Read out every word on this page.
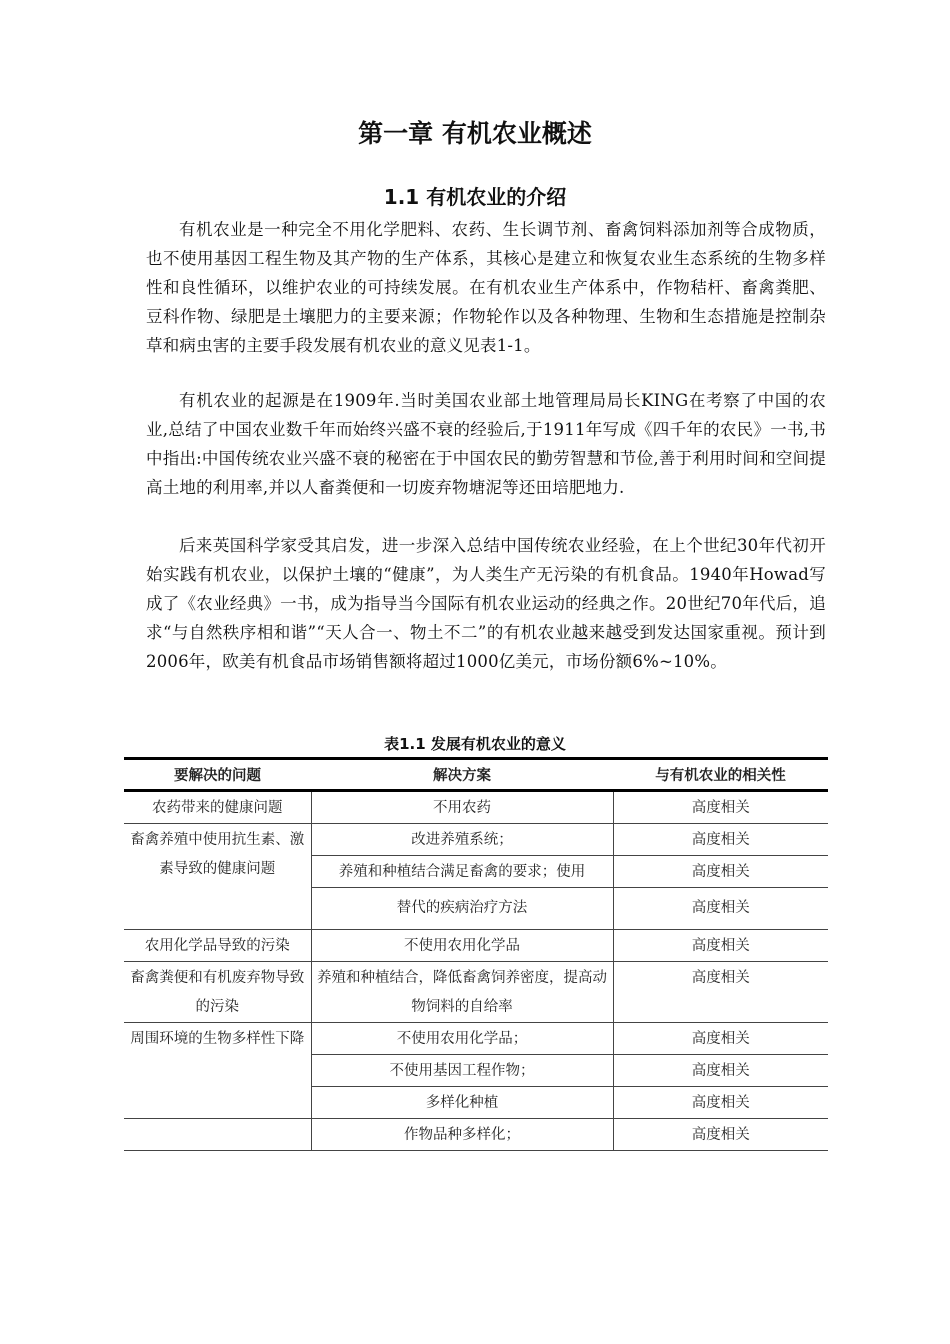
第一章 有机农业概述
1.1 有机农业的介绍

有机农业是一种完全不用化学肥料、农药、生长调节剂、畜禽饲料添加剂等合成物质，也不使用基因工程生物及其产物的生产体系，其核心是建立和恢复农业生态系统的生物多样性和良性循环，以维护农业的可持续发展。在有机农业生产体系中，作物秸杆、畜禽粪肥、豆科作物、绿肥是土壤肥力的主要来源；作物轮作以及各种物理、生物和生态措施是控制杂草和病虫害的主要手段发展有机农业的意义见表1-1。

有机农业的起源是在1909年.当时美国农业部土地管理局局长KING在考察了中国的农业,总结了中国农业数千年而始终兴盛不衰的经验后,于1911年写成《四千年的农民》一书,书中指出:中国传统农业兴盛不衰的秘密在于中国农民的勤劳智慧和节俭,善于利用时间和空间提高土地的利用率,并以人畜粪便和一切废弃物塘泥等还田培肥地力.

后来英国科学家受其启发，进一步深入总结中国传统农业经验，在上个世纪30年代初开始实践有机农业，以保护土壤的“健康”，为人类生产无污染的有机食品。1940年Howad写成了《农业经典》一书，成为指导当今国际有机农业运动的经典之作。20世纪70年代后，追求“与自然秩序相和谐”“天人合一、物土不二”的有机农业越来越受到发达国家重视。预计到2006年，欧美有机食品市场销售额将超过1000亿美元，市场份额6%~10%。

表1.1 发展有机农业的意义
要解决的问题	解决方案	与有机农业的相关性
农药带来的健康问题	不用农药	高度相关
畜禽养殖中使用抗生素、激素导致的健康问题	改进养殖系统；	高度相关
	养殖和种植结合满足畜禽的要求；使用	高度相关
	替代的疾病治疗方法	高度相关
农用化学品导致的污染	不使用农用化学品	高度相关
畜禽粪便和有机废弃物导致的污染	养殖和种植结合，降低畜禽饲养密度，提高动物饲料的自给率	高度相关
周围环境的生物多样性下降	不使用农用化学品；	高度相关
	不使用基因工程作物；	高度相关
	多样化种植	高度相关
	作物品种多样化；	高度相关
